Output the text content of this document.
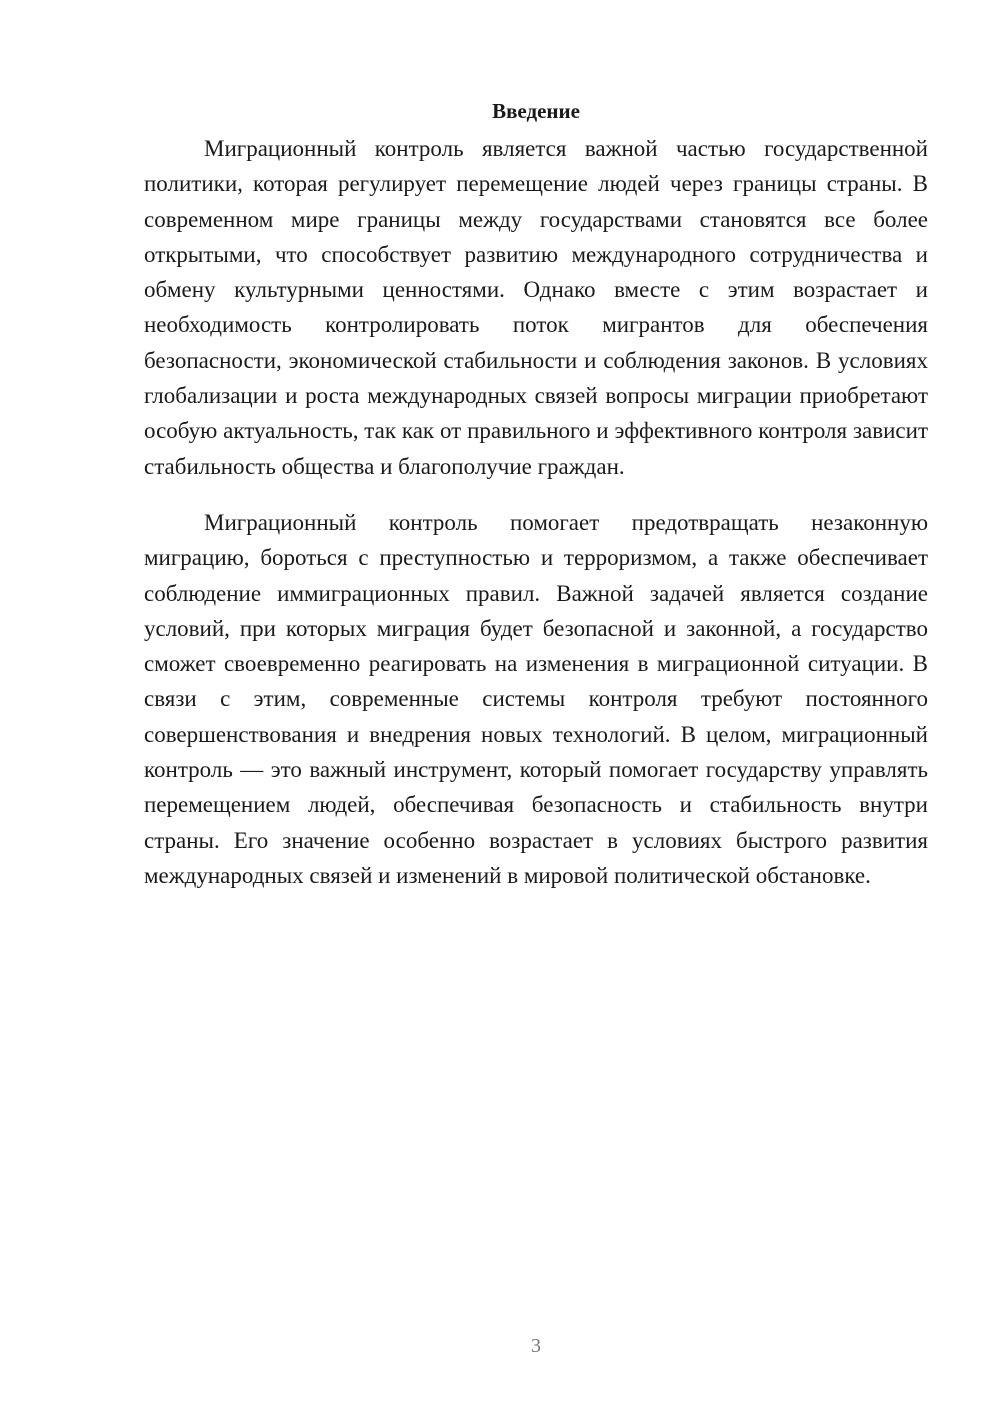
Введение

Миграционный контроль является важной частью государственной политики, которая регулирует перемещение людей через границы страны. В современном мире границы между государствами становятся все более открытыми, что способствует развитию международного сотрудничества и обмену культурными ценностями. Однако вместе с этим возрастает и необходимость контролировать поток мигрантов для обеспечения безопасности, экономической стабильности и соблюдения законов. В условиях глобализации и роста международных связей вопросы миграции приобретают особую актуальность, так как от правильного и эффективного контроля зависит стабильность общества и благополучие граждан.

Миграционный контроль помогает предотвращать незаконную миграцию, бороться с преступностью и терроризмом, а также обеспечивает соблюдение иммиграционных правил. Важной задачей является создание условий, при которых миграция будет безопасной и законной, а государство сможет своевременно реагировать на изменения в миграционной ситуации. В связи с этим, современные системы контроля требуют постоянного совершенствования и внедрения новых технологий. В целом, миграционный контроль — это важный инструмент, который помогает государству управлять перемещением людей, обеспечивая безопасность и стабильность внутри страны. Его значение особенно возрастает в условиях быстрого развития международных связей и изменений в мировой политической обстановке.

3
